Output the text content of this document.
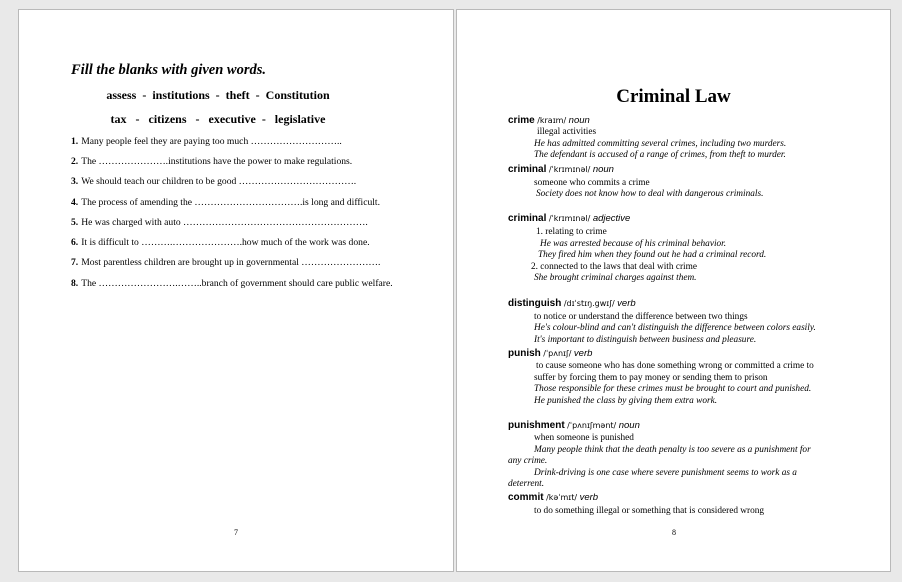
Fill the blanks with given words.
assess  -  institutions  -  theft  -  Constitution
tax   -   citizens   -   executive  -   legislative
1. Many people feel they are paying too much ………………………..
2. The ………………….institutions have the power to make regulations.
3. We should teach our children to be good ……………………………….
4. The process of amending the …………………………….is long and difficult.
5. He was charged with auto ………………………………………………….
6. It is difficult to ……….………………….how much of the work was done.
7. Most parentless children are brought up in governmental …………………….
8. The …………………….……..branch of government should care public welfare.
7
Criminal Law
crime /kraɪm/ noun
illegal activities
He has admitted committing several crimes, including two murders.
The defendant is accused of a range of crimes, from theft to murder.
criminal /ˈkrɪmɪnəl/ noun
someone who commits a crime
Society does not know how to deal with dangerous criminals.
criminal /ˈkrɪmɪnəl/ adjective
1. relating to crime
He was arrested because of his criminal behavior.
They fired him when they found out he had a criminal record.
2. connected to the laws that deal with crime
She brought criminal charges against them.
distinguish /dɪˈstɪŋ.gwɪʃ/ verb
to notice or understand the difference between two things
He's colour-blind and can't distinguish the difference between colors easily.
It's important to distinguish between business and pleasure.
punish /ˈpʌnɪʃ/ verb
to cause someone who has done something wrong or committed a crime to
suffer by forcing them to pay money or sending them to prison
Those responsible for these crimes must be brought to court and punished.
He punished the class by giving them extra work.
punishment /ˈpʌnɪʃmənt/ noun
when someone is punished
Many people think that the death penalty is too severe as a punishment for
any crime.
Drink-driving is one case where severe punishment seems to work as a
deterrent.
commit /kəˈmɪt/ verb
to do something illegal or something that is considered wrong
8
